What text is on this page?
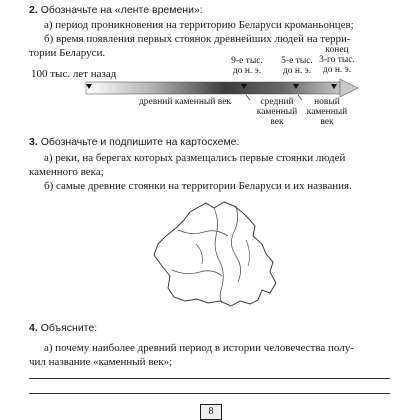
2. Обозначьте на «ленте времени»:
а) период проникновения на территорию Беларуси кроманьонцев;
б) время появления первых стоянок древнейших людей на терри-
тории Беларуси.
100 тыс. лет назад
9-е тыс.
до н. э.
5-е тыс.
до н. э.
конец
3-го тыс.
до н. э.
древний каменный век	средний
каменный
век
новый
каменный
век
3. Обозначьте и подпишите на картосхеме:
а) реки, на берегах которых размещались первые стоянки людей
каменного века;
б) самые древние стоянки на территории Беларуси и их названия.
4. Объясните:
а) почему наиболее древний период в истории человечества полу-
чил название «каменный век»;
8
